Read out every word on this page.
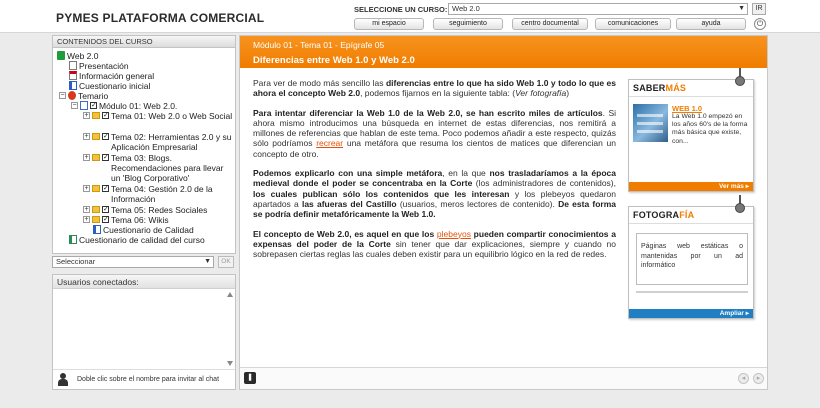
PYMES PLATAFORMA COMERCIAL
SELECCIONE UN CURSO: Web 2.0	▼	IR
mi espacio	seguimiento	centro documental	comunicaciones	ayuda	⏻
CONTENIDOS DEL CURSO
Web 2.0
Presentación
Información general
Cuestionario inicial
− Temario
− ✓ Módulo 01: Web 2.0.
+ ✓ Tema 01: Web 2.0 o Web Social
+ ✓ Tema 02: Herramientas 2.0 y su Aplicación Empresarial
+ ✓ Tema 03: Blogs. Recomendaciones para llevar un 'Blog Corporativo'
+ ✓ Tema 04: Gestión 2.0 de la Información
+ ✓ Tema 05: Redes Sociales
+ ✓ Tema 06: Wikis
Cuestionario de Calidad
Cuestionario de calidad del curso
Seleccionar	▼	OK
Usuarios conectados:
Doble clic sobre el nombre para invitar al chat
Módulo 01 - Tema 01 - Epígrafe 05
Diferencias entre Web 1.0 y Web 2.0

Para ver de modo más sencillo las diferencias entre lo que ha sido Web 1.0 y todo lo que es ahora el concepto Web 2.0, podemos fijarnos en la siguiente tabla: (Ver fotografía)

Para intentar diferenciar la Web 1.0 de la Web 2.0, se han escrito miles de artículos. Si ahora mismo introducimos una búsqueda en internet de estas diferencias, nos remitirá a millones de referencias que hablan de este tema. Poco podemos añadir a este respecto, quizás sólo podríamos recrear una metáfora que resuma los cientos de matices que diferencian un concepto de otro.

Podemos explicarlo con una simple metáfora, en la que nos trasladaríamos a la época medieval donde el poder se concentraba en la Corte (los administradores de contenidos), los cuales publican sólo los contenidos que les interesan y los plebeyos quedaron apartados a las afueras del Castillo (usuarios, meros lectores de contenido). De esta forma se podría definir metafóricamente la Web 1.0.

El concepto de Web 2.0, es aquel en que los plebeyos pueden compartir conocimientos a expensas del poder de la Corte sin tener que dar explicaciones, siempre y cuando no sobrepasen ciertas reglas las cuales deben existir para un equilibrio lógico en la red de redes.

❚	◂	▸
SABERMÁS
WEB 1.0
La Web 1.0 empezó en los años 60's de la forma más básica que existe, con...
Ver más ▸
FOTOGRAFÍA
Páginas web estáticas o mantenidas por un ad informático
Ampliar ▸
